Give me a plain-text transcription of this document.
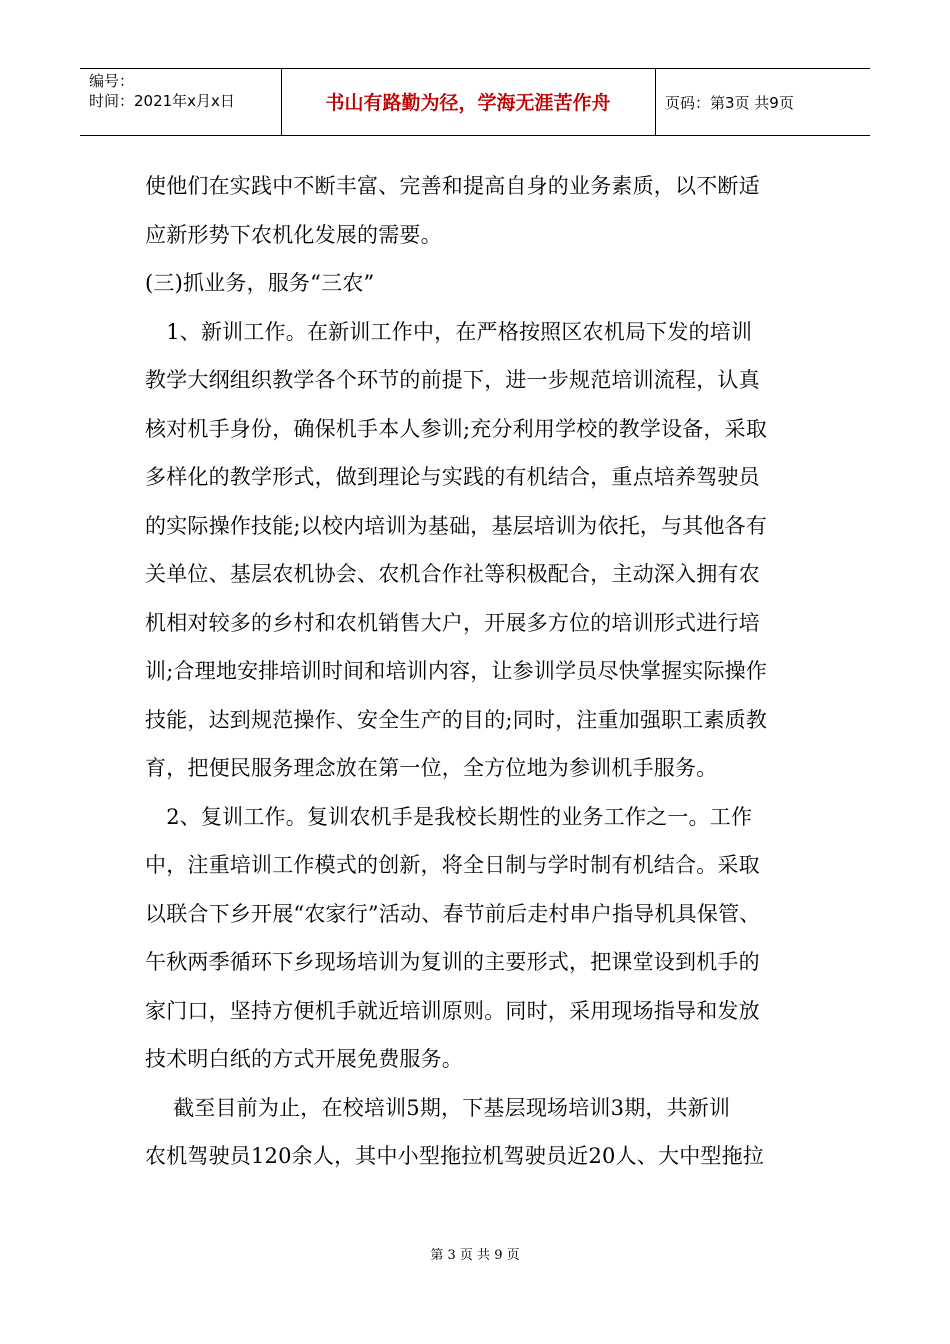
编号：
时间：2021年x月x日	书山有路勤为径，学海无涯苦作舟	页码：第3页 共9页
使他们在实践中不断丰富、完善和提高自身的业务素质，以不断适
应新形势下农机化发展的需要。
(三)抓业务，服务“三农”
　1、新训工作。在新训工作中，在严格按照区农机局下发的培训
教学大纲组织教学各个环节的前提下，进一步规范培训流程，认真
核对机手身份，确保机手本人参训;充分利用学校的教学设备，采取
多样化的教学形式，做到理论与实践的有机结合，重点培养驾驶员
的实际操作技能;以校内培训为基础，基层培训为依托，与其他各有
关单位、基层农机协会、农机合作社等积极配合，主动深入拥有农
机相对较多的乡村和农机销售大户，开展多方位的培训形式进行培
训;合理地安排培训时间和培训内容，让参训学员尽快掌握实际操作
技能，达到规范操作、安全生产的目的;同时，注重加强职工素质教
育，把便民服务理念放在第一位，全方位地为参训机手服务。
　2、复训工作。复训农机手是我校长期性的业务工作之一。工作
中，注重培训工作模式的创新，将全日制与学时制有机结合。采取
以联合下乡开展“农家行”活动、春节前后走村串户指导机具保管、
午秋两季循环下乡现场培训为复训的主要形式，把课堂设到机手的
家门口，坚持方便机手就近培训原则。同时，采用现场指导和发放
技术明白纸的方式开展免费服务。
　 截至目前为止，在校培训5期，下基层现场培训3期，共新训
农机驾驶员120余人，其中小型拖拉机驾驶员近20人、大中型拖拉
第 3 页 共 9 页
